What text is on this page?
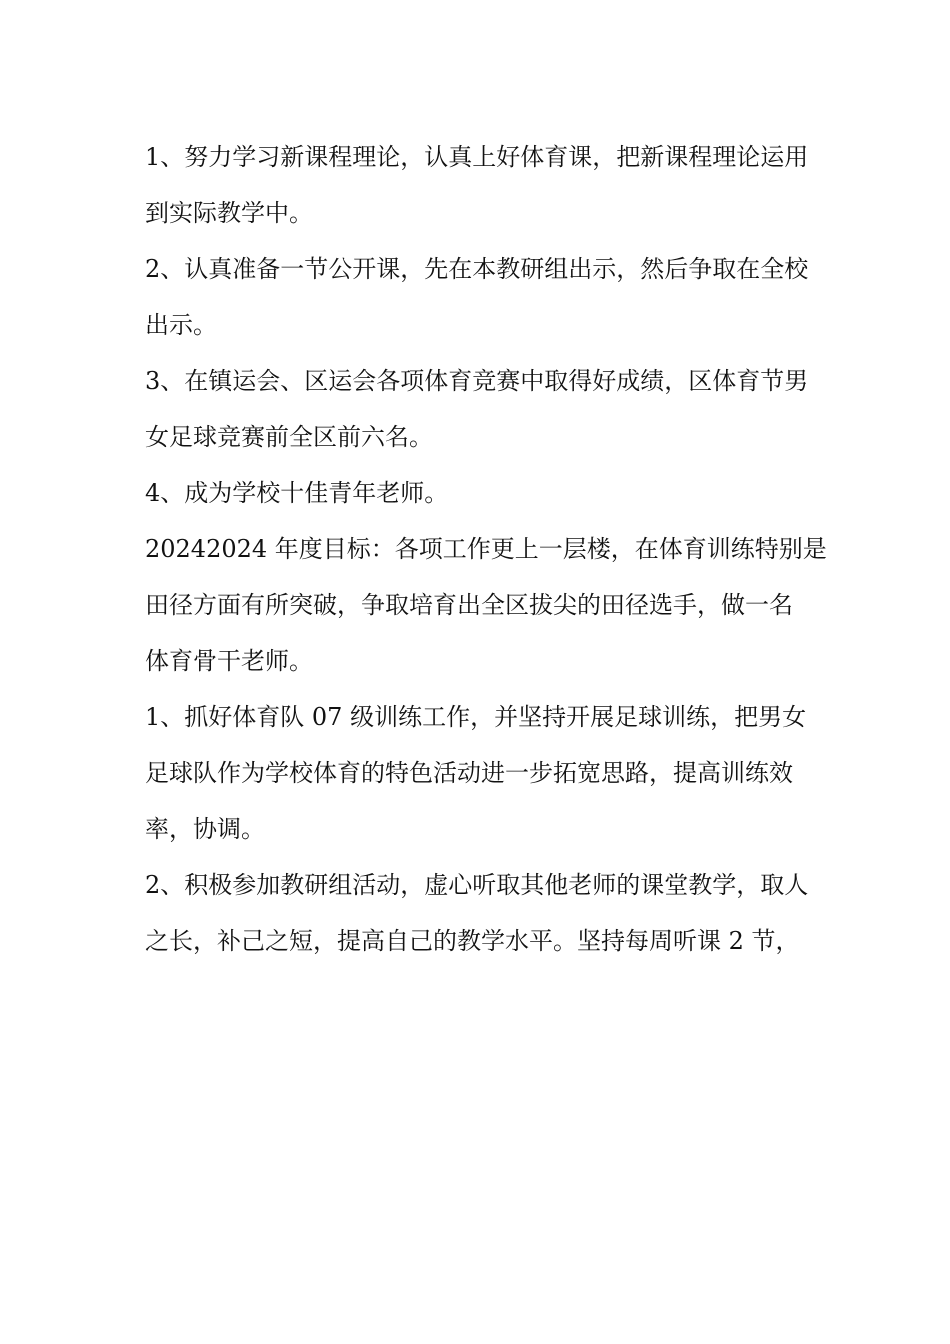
1、努力学习新课程理论，认真上好体育课，把新课程理论运用
到实际教学中。

2、认真准备一节公开课，先在本教研组出示，然后争取在全校
出示。

3、在镇运会、区运会各项体育竞赛中取得好成绩，区体育节男
女足球竞赛前全区前六名。

4、成为学校十佳青年老师。

20242024 年度目标：各项工作更上一层楼，在体育训练特别是
田径方面有所突破，争取培育出全区拔尖的田径选手，做一名
体育骨干老师。

1、抓好体育队 07 级训练工作，并坚持开展足球训练，把男女
足球队作为学校体育的特色活动进一步拓宽思路，提高训练效
率，协调。

2、积极参加教研组活动，虚心听取其他老师的课堂教学，取人
之长，补己之短，提高自己的教学水平。坚持每周听课 2 节，
